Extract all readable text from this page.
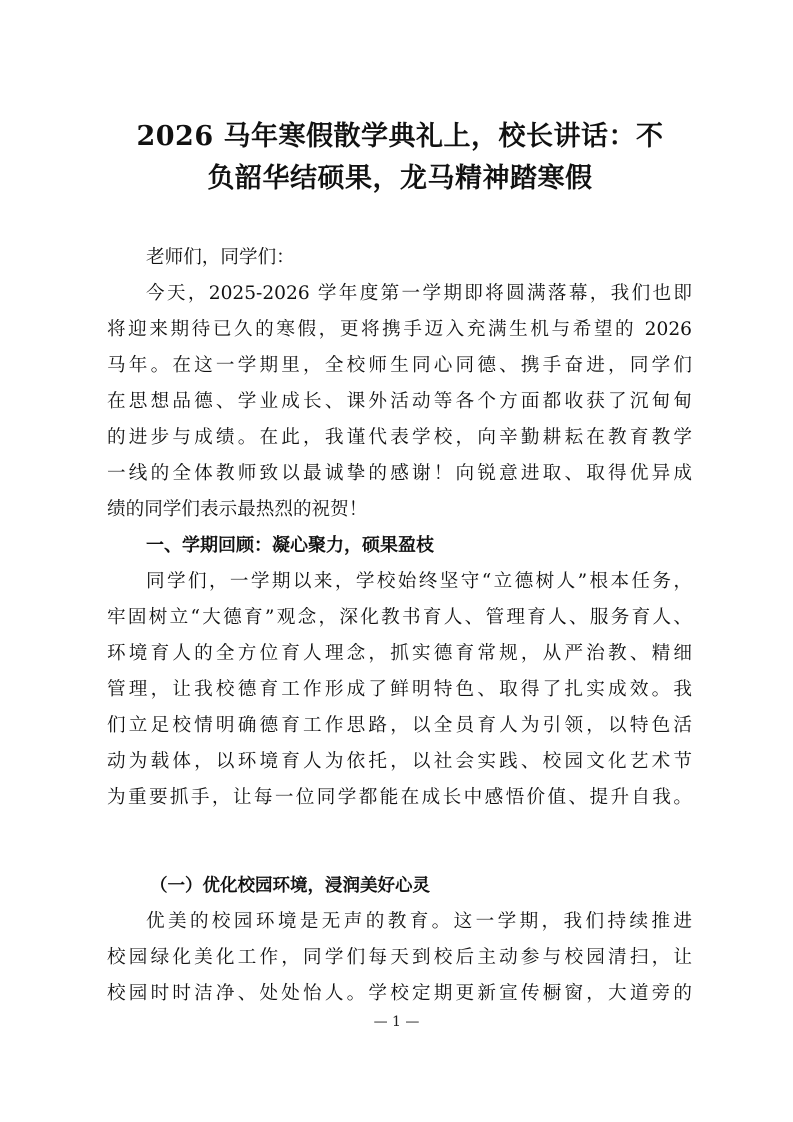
2026 马年寒假散学典礼上，校长讲话：不
负韶华结硕果，龙马精神踏寒假
老师们，同学们：
今天，2025-2026 学年度第一学期即将圆满落幕，我们也即
将迎来期待已久的寒假，更将携手迈入充满生机与希望的 2026
马年。在这一学期里，全校师生同心同德、携手奋进，同学们
在思想品德、学业成长、课外活动等各个方面都收获了沉甸甸
的进步与成绩。在此，我谨代表学校，向辛勤耕耘在教育教学
一线的全体教师致以最诚挚的感谢！向锐意进取、取得优异成
绩的同学们表示最热烈的祝贺！
一、学期回顾：凝心聚力，硕果盈枝
同学们，一学期以来，学校始终坚守“立德树人”根本任务，
牢固树立“大德育”观念，深化教书育人、管理育人、服务育人、
环境育人的全方位育人理念，抓实德育常规，从严治教、精细
管理，让我校德育工作形成了鲜明特色、取得了扎实成效。我
们立足校情明确德育工作思路，以全员育人为引领，以特色活
动为载体，以环境育人为依托，以社会实践、校园文化艺术节
为重要抓手，让每一位同学都能在成长中感悟价值、提升自我。
（一）优化校园环境，浸润美好心灵
优美的校园环境是无声的教育。这一学期，我们持续推进
校园绿化美化工作，同学们每天到校后主动参与校园清扫，让
校园时时洁净、处处怡人。学校定期更新宣传橱窗，大道旁的
— 1 —
